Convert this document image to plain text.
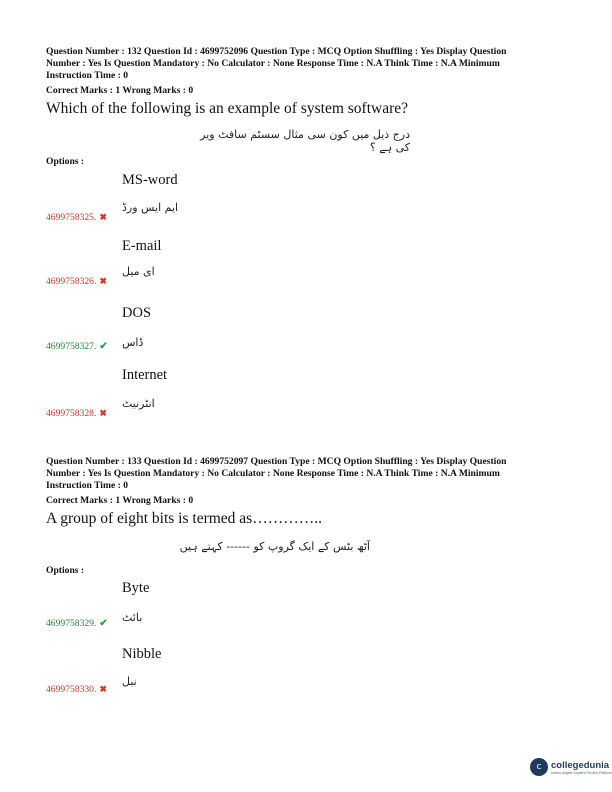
Question Number : 132 Question Id : 4699752096 Question Type : MCQ Option Shuffling : Yes Display Question

Number : Yes Is Question Mandatory : No Calculator : None Response Time : N.A Think Time : N.A Minimum

Instruction Time : 0

Correct Marks : 1 Wrong Marks : 0
Which of the following is an example of system software?
درج ذیل میں کون سی مثال سسٹم سافٹ ویر کی ہے ؟
Options :
MS-word
ایم ایس ورڈ
4699758325. ✖
E-mail
ای میل
4699758326. ✖
DOS
ڈاس
4699758327. ✔
Internet
انٹرنیٹ
4699758328. ✖

Question Number : 133 Question Id : 4699752097 Question Type : MCQ Option Shuffling : Yes Display Question

Number : Yes Is Question Mandatory : No Calculator : None Response Time : N.A Think Time : N.A Minimum

Instruction Time : 0

Correct Marks : 1 Wrong Marks : 0
A group of eight bits is termed as…………..
آٹھ بٹس کے ایک گروپ کو ------ کہتے ہیں
Options :
Byte
بائٹ
4699758329. ✔
Nibble
نبل
4699758330. ✖
c	collegedunia
India's largest Student Review Platform
